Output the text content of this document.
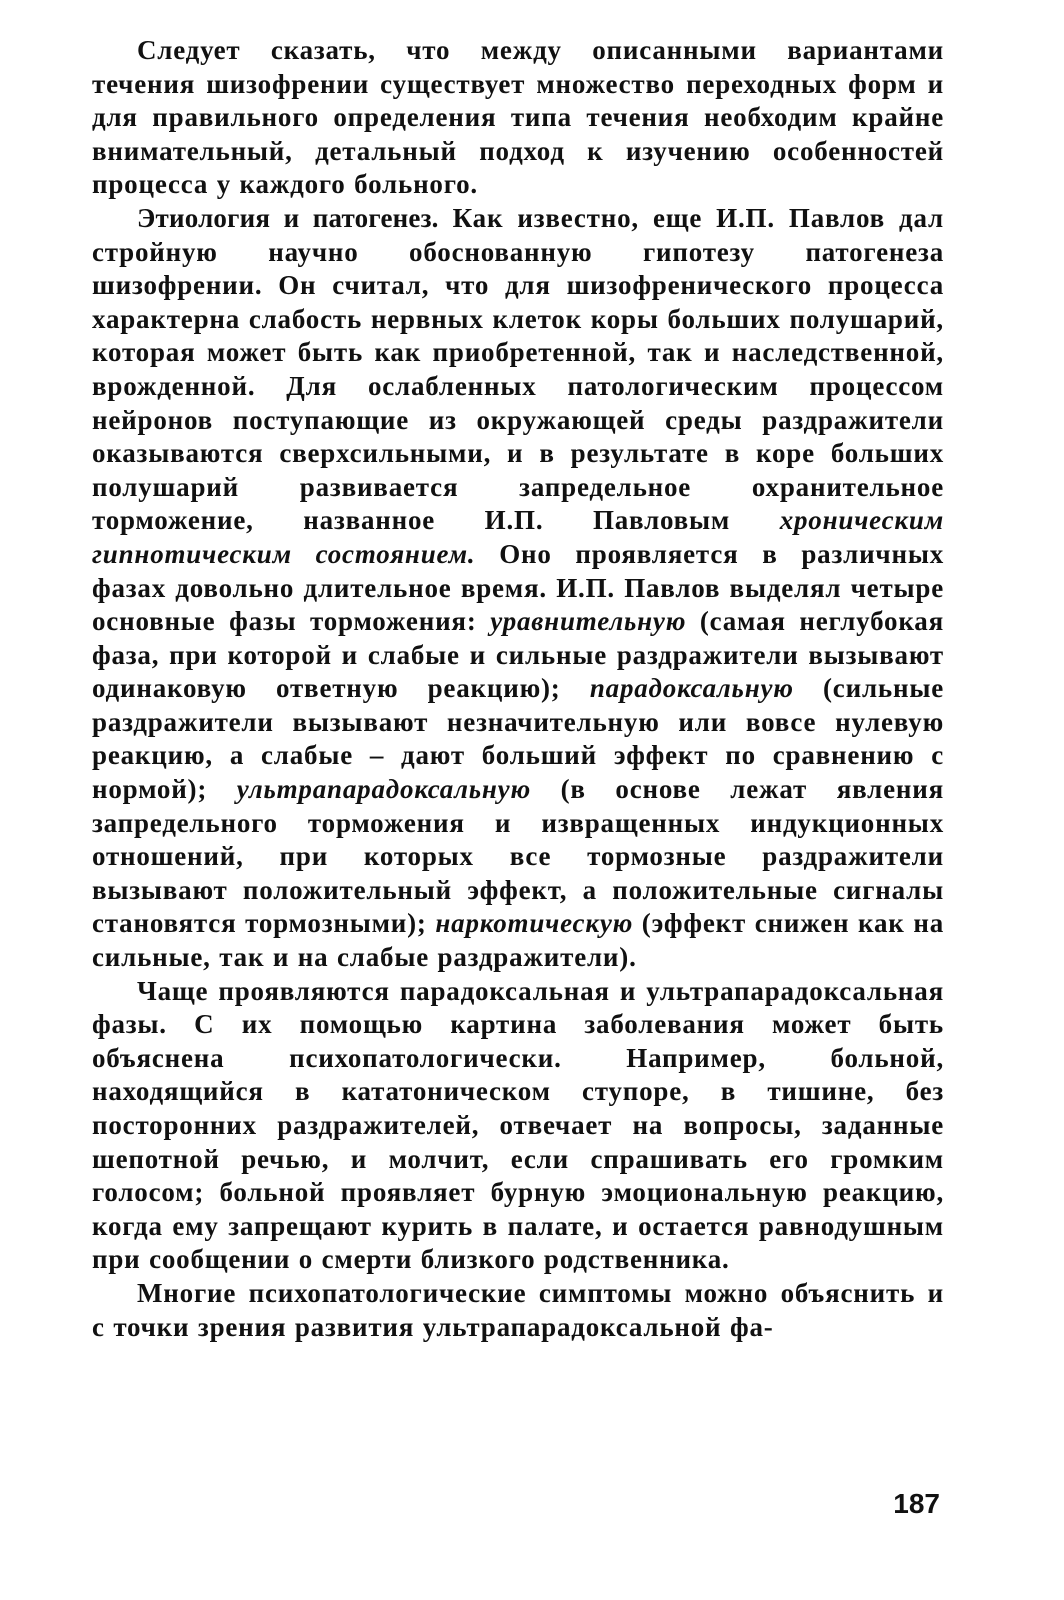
Следует сказать, что между описанными вариантами течения шизофрении существует множество переходных форм и для правильного определения типа течения необходим крайне внимательный, детальный подход к изучению особенностей процесса у каждого больного.

Этиология и патогенез. Как известно, еще И.П. Павлов дал стройную научно обоснованную гипотезу патогенеза шизофрении. Он считал, что для шизофренического процесса характерна слабость нервных клеток коры больших полушарий, которая может быть как приобретенной, так и наследственной, врожденной. Для ослабленных патологическим процессом нейронов поступающие из окружающей среды раздражители оказываются сверхсильными, и в результате в коре больших полушарий развивается запредельное охранительное торможение, названное И.П. Павловым хроническим гипнотическим состоянием. Оно проявляется в различных фазах довольно длительное время. И.П. Павлов выделял четыре основные фазы торможения: уравнительную (самая неглубокая фаза, при которой и слабые и сильные раздражители вызывают одинаковую ответную реакцию); парадоксальную (сильные раздражители вызывают незначительную или вовсе нулевую реакцию, а слабые – дают больший эффект по сравнению с нормой); ультрапарадоксальную (в основе лежат явления запредельного торможения и извращенных индукционных отношений, при которых все тормозные раздражители вызывают положительный эффект, а положительные сигналы становятся тормозными); наркотическую (эффект снижен как на сильные, так и на слабые раздражители).

Чаще проявляются парадоксальная и ультрапарадоксальная фазы. С их помощью картина заболевания может быть объяснена психопатологически. Например, больной, находящийся в кататоническом ступоре, в тишине, без посторонних раздражителей, отвечает на вопросы, заданные шепотной речью, и молчит, если спрашивать его громким голосом; больной проявляет бурную эмоциональную реакцию, когда ему запрещают курить в палате, и остается равнодушным при сообщении о смерти близкого родственника.

Многие психопатологические симптомы можно объяснить и с точки зрения развития ультрапарадоксальной фа-

187
